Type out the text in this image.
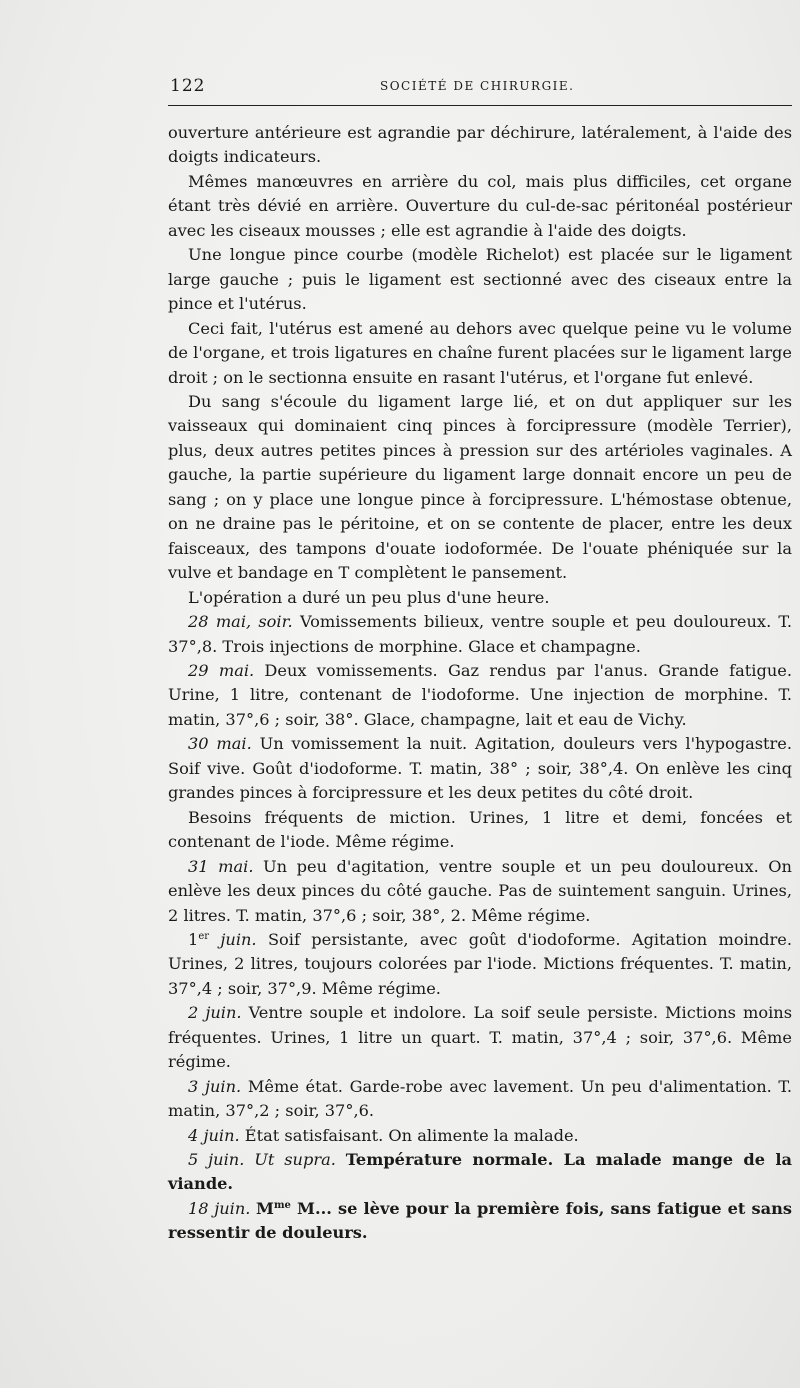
122	SOCIÉTÉ DE CHIRURGIE.

ouverture antérieure est agrandie par déchirure, latéralement, à l'aide des doigts indicateurs.

Mêmes manœuvres en arrière du col, mais plus difficiles, cet organe étant très dévié en arrière. Ouverture du cul-de-sac péritonéal postérieur avec les ciseaux mousses ; elle est agrandie à l'aide des doigts.

Une longue pince courbe (modèle Richelot) est placée sur le ligament large gauche ; puis le ligament est sectionné avec des ciseaux entre la pince et l'utérus.

Ceci fait, l'utérus est amené au dehors avec quelque peine vu le volume de l'organe, et trois ligatures en chaîne furent placées sur le ligament large droit ; on le sectionna ensuite en rasant l'utérus, et l'organe fut enlevé.

Du sang s'écoule du ligament large lié, et on dut appliquer sur les vaisseaux qui dominaient cinq pinces à forcipressure (modèle Terrier), plus, deux autres petites pinces à pression sur des artérioles vaginales. A gauche, la partie supérieure du ligament large donnait encore un peu de sang ; on y place une longue pince à forcipressure. L'hémostase obtenue, on ne draine pas le péritoine, et on se contente de placer, entre les deux faisceaux, des tampons d'ouate iodoformée. De l'ouate phéniquée sur la vulve et bandage en T complètent le pansement.

L'opération a duré un peu plus d'une heure.

28 mai, soir. Vomissements bilieux, ventre souple et peu douloureux. T. 37°,8. Trois injections de morphine. Glace et champagne.

29 mai. Deux vomissements. Gaz rendus par l'anus. Grande fatigue. Urine, 1 litre, contenant de l'iodoforme. Une injection de morphine. T. matin, 37°,6 ; soir, 38°. Glace, champagne, lait et eau de Vichy.

30 mai. Un vomissement la nuit. Agitation, douleurs vers l'hypogastre. Soif vive. Goût d'iodoforme. T. matin, 38° ; soir, 38°,4. On enlève les cinq grandes pinces à forcipressure et les deux petites du côté droit.

Besoins fréquents de miction. Urines, 1 litre et demi, foncées et contenant de l'iode. Même régime.

31 mai. Un peu d'agitation, ventre souple et un peu douloureux. On enlève les deux pinces du côté gauche. Pas de suintement sanguin. Urines, 2 litres. T. matin, 37°,6 ; soir, 38°, 2. Même régime.

1er juin. Soif persistante, avec goût d'iodoforme. Agitation moindre. Urines, 2 litres, toujours colorées par l'iode. Mictions fréquentes. T. matin, 37°,4 ; soir, 37°,9. Même régime.

2 juin. Ventre souple et indolore. La soif seule persiste. Mictions moins fréquentes. Urines, 1 litre un quart. T. matin, 37°,4 ; soir, 37°,6. Même régime.

3 juin. Même état. Garde-robe avec lavement. Un peu d'alimentation. T. matin, 37°,2 ; soir, 37°,6.

4 juin. État satisfaisant. On alimente la malade.

5 juin. Ut supra. Température normale. La malade mange de la viande.

18 juin. $M^{me}$ M... se lève pour la première fois, sans fatigue et sans ressentir de douleurs.
